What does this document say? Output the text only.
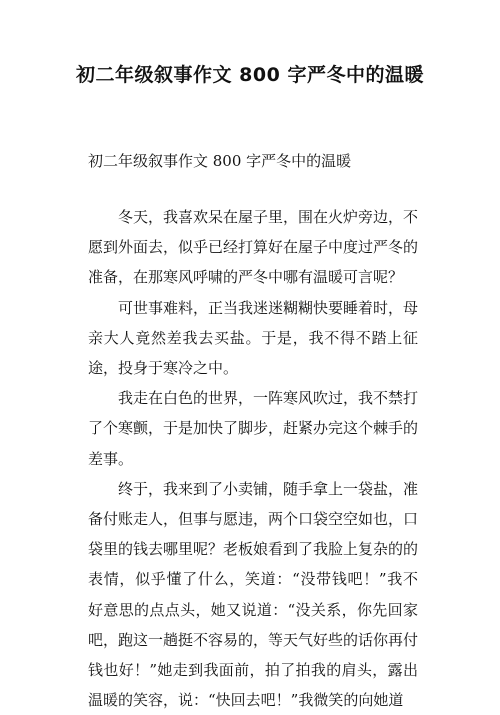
初二年级叙事作文 800 字严冬中的温暖
初二年级叙事作文 800 字严冬中的温暖

冬天，我喜欢呆在屋子里，围在火炉旁边，不愿到外面去，似乎已经打算好在屋子中度过严冬的准备，在那寒风呼啸的严冬中哪有温暖可言呢？

可世事难料，正当我迷迷糊糊快要睡着时，母亲大人竟然差我去买盐。于是，我不得不踏上征途，投身于寒冷之中。

我走在白色的世界，一阵寒风吹过，我不禁打了个寒颤，于是加快了脚步，赶紧办完这个棘手的差事。

终于，我来到了小卖铺，随手拿上一袋盐，准备付账走人，但事与愿违，两个口袋空空如也，口袋里的钱去哪里呢？老板娘看到了我脸上复杂的的表情，似乎懂了什么，笑道：“没带钱吧！”我不好意思的点点头，她又说道：“没关系，你先回家吧，跑这一趟挺不容易的，等天气好些的话你再付钱也好！”她走到我面前，拍了拍我的肩头，露出温暖的笑容，说：“快回去吧！”我微笑的向她道
